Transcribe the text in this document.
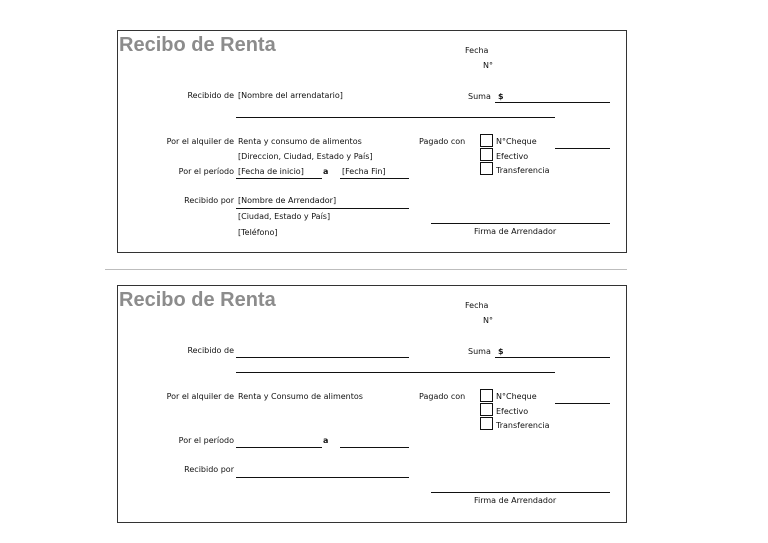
Recibo de Renta	Fecha
N°
Recibido de [Nombre del arrendatario]	Suma $
Por el alquiler de Renta y consumo de alimentos
[Direccion, Ciudad, Estado y País]
Pagado con	N°Cheque
Efectivo
Transferencia
Por el período [Fecha de inicio] a [Fecha Fin]
Recibido por [Nombre de Arrendador]
[Ciudad, Estado y País]
[Teléfono]	Firma de Arrendador
Recibo de Renta	Fecha
N°
Recibido de	Suma $
Por el alquiler de Renta y Consumo de alimentos	Pagado con	N°Cheque
Efectivo
Transferencia
Por el período	a
Recibido por
Firma de Arrendador
